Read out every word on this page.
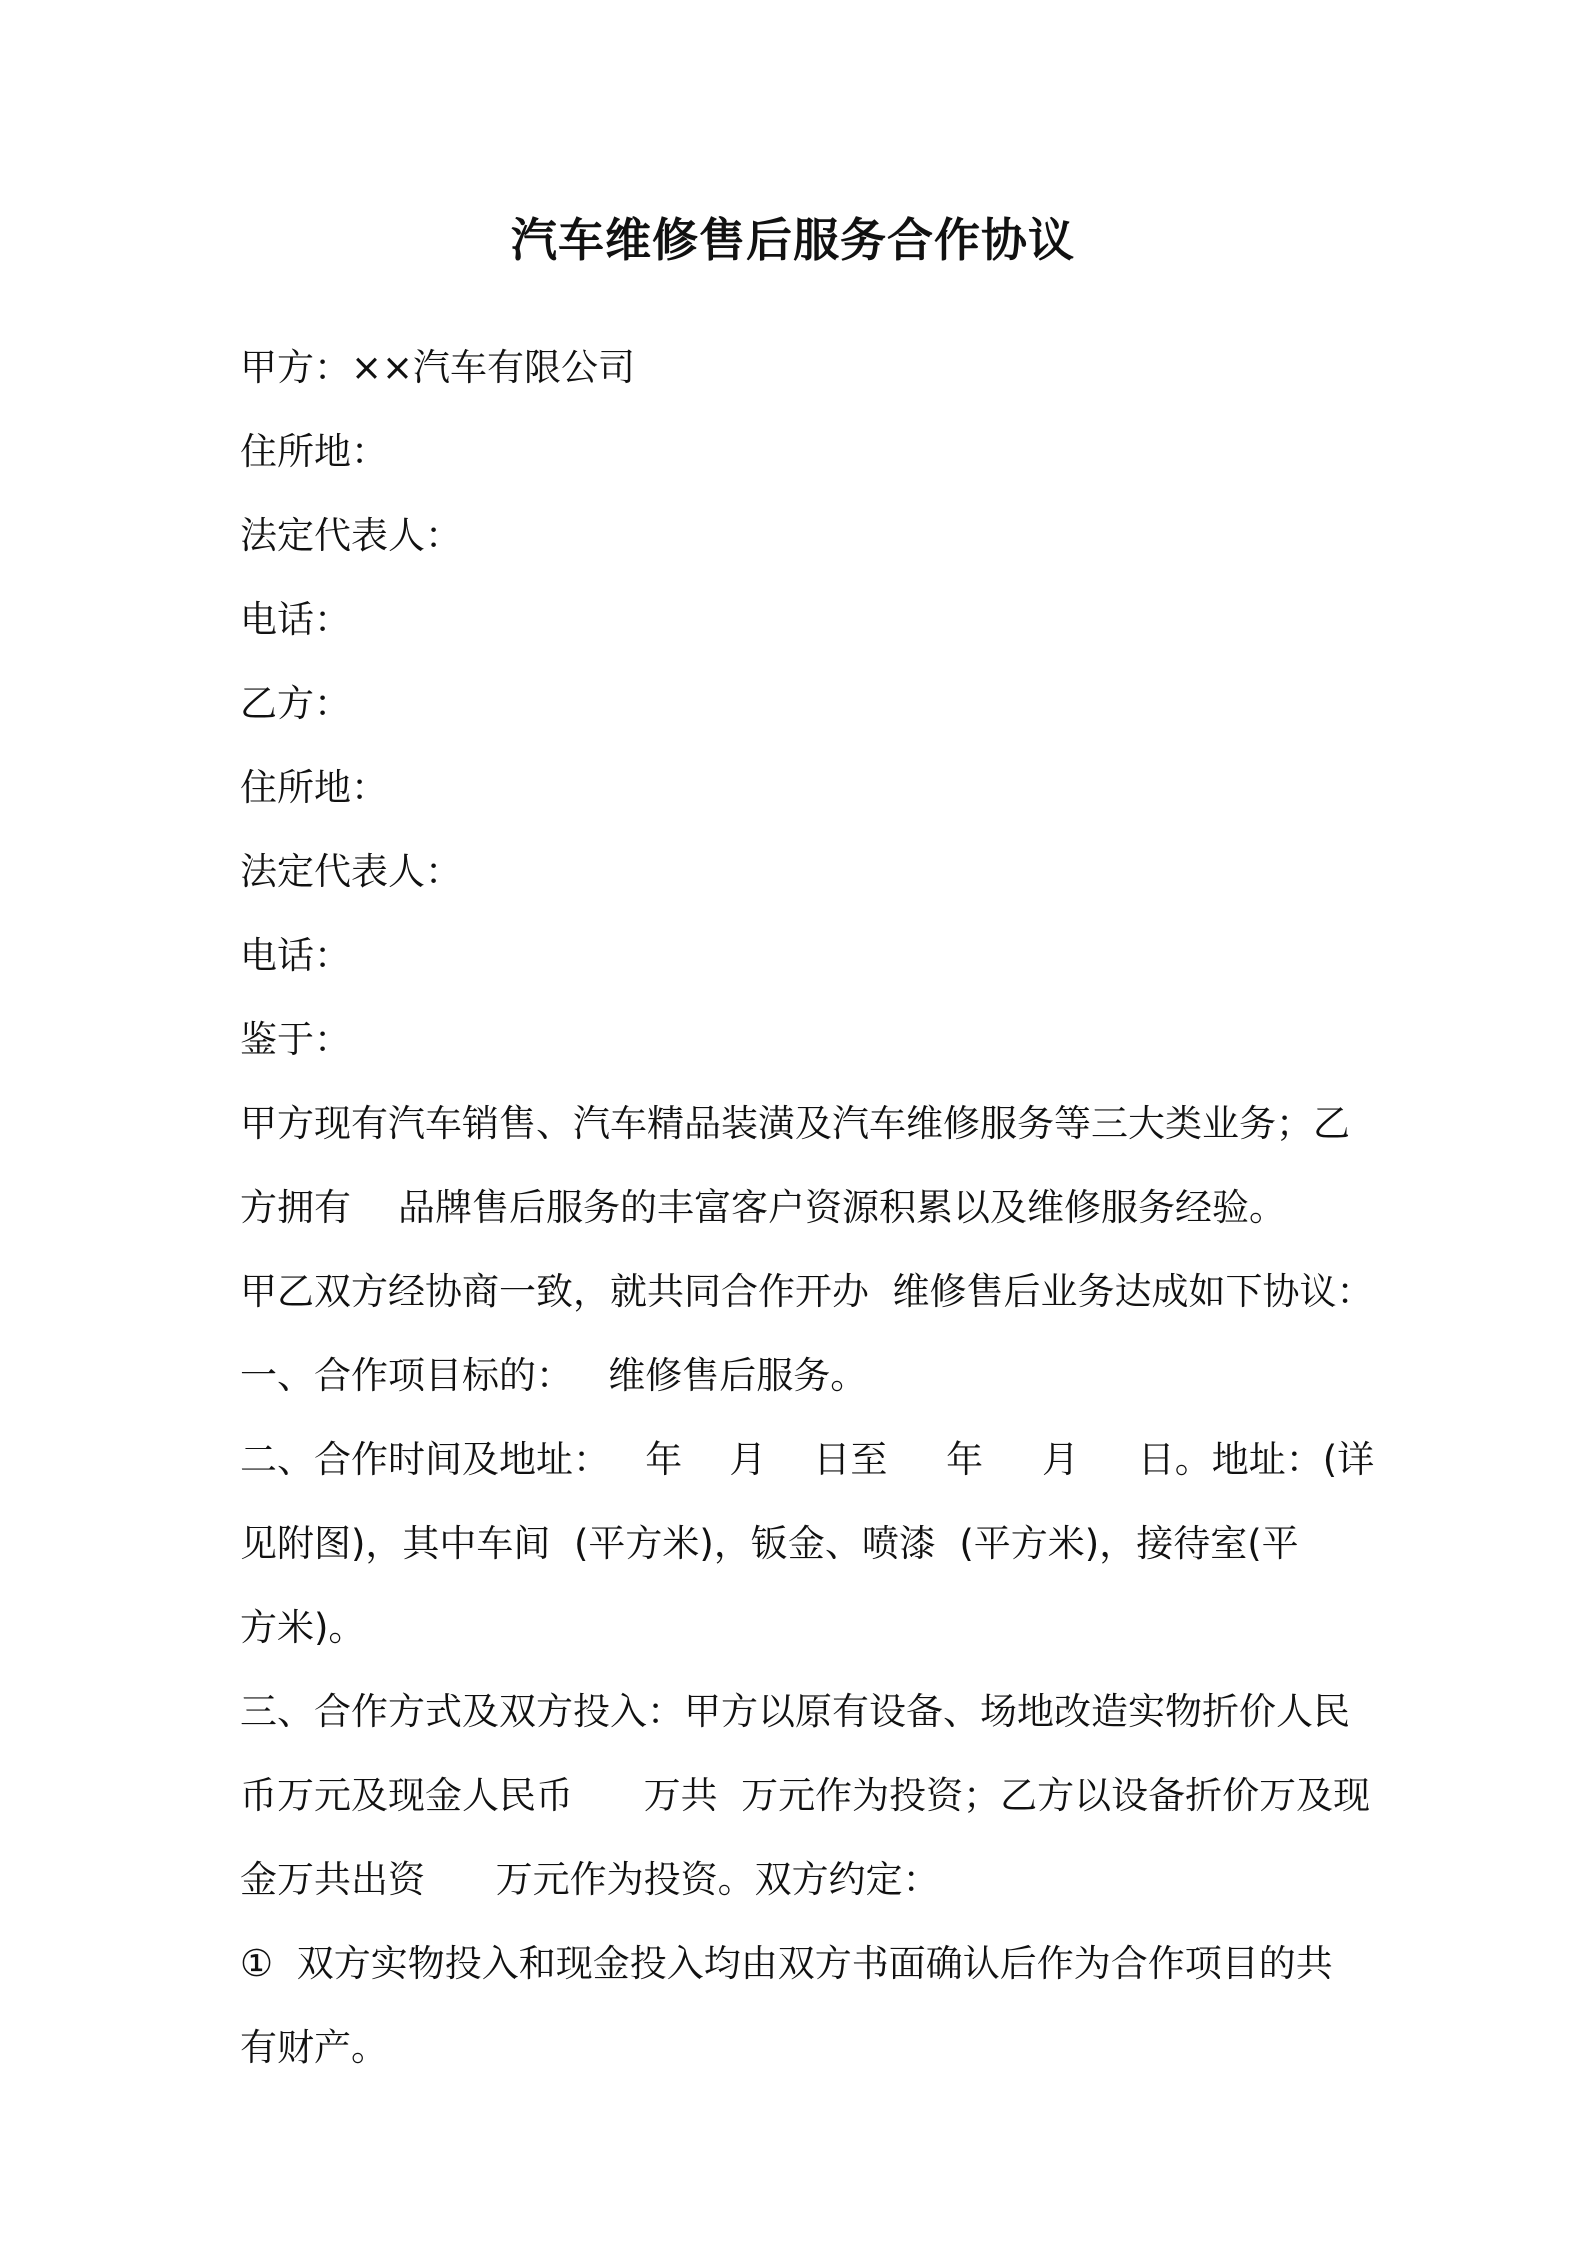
汽车维修售后服务合作协议
甲方：××汽车有限公司
住所地：
法定代表人：
电话：
乙方：
住所地：
法定代表人：
电话：
鉴于：
甲方现有汽车销售、汽车精品装潢及汽车维修服务等三大类业务；乙
方拥有    品牌售后服务的丰富客户资源积累以及维修服务经验。
甲乙双方经协商一致，就共同合作开办  维修售后业务达成如下协议：
一、合作项目标的：   维修售后服务。
二、合作时间及地址：   年    月    日至     年     月     日。地址：(详
见附图)，其中车间  (平方米)，钣金、喷漆  (平方米)，接待室(平
方米)。
三、合作方式及双方投入：甲方以原有设备、场地改造实物折价人民
币万元及现金人民币      万共  万元作为投资；乙方以设备折价万及现
金万共出资      万元作为投资。双方约定：
①  双方实物投入和现金投入均由双方书面确认后作为合作项目的共
有财产。
